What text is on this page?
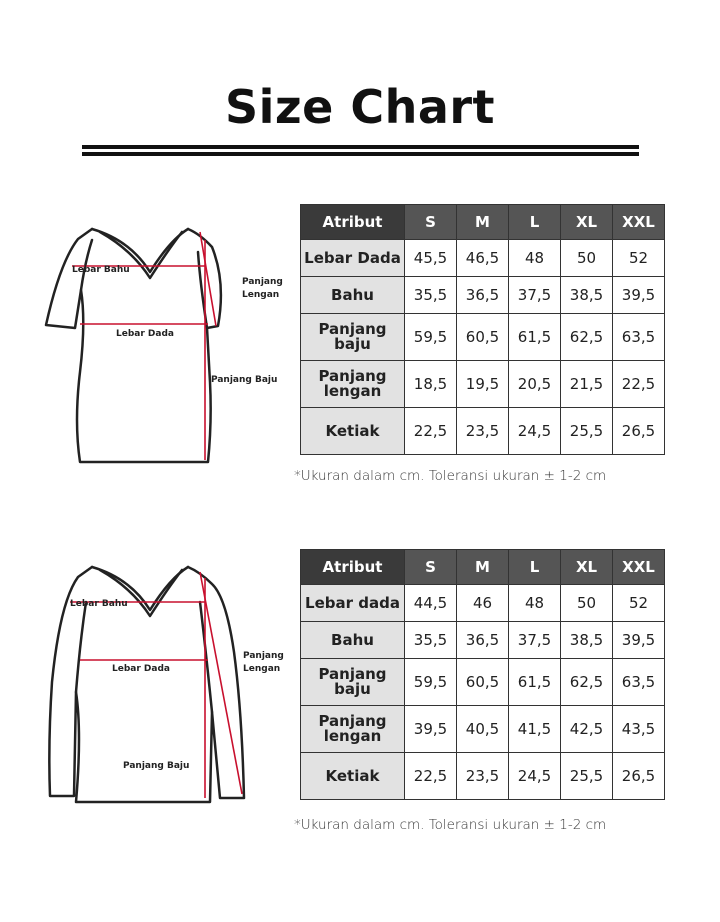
Size Chart
Lebar Bahu
Lebar Dada
Panjang
Lengan
Panjang Baju
Atribut	S	M	L	XL	XXL
Lebar Dada	45,5	46,5	48	50	52
Bahu	35,5	36,5	37,5	38,5	39,5
Panjang
baju	59,5	60,5	61,5	62,5	63,5
Panjang
lengan	18,5	19,5	20,5	21,5	22,5
Ketiak	22,5	23,5	24,5	25,5	26,5
*Ukuran dalam cm. Toleransi ukuran ± 1-2 cm
Lebar Bahu
Lebar Dada
Panjang
Lengan
Panjang Baju
Atribut	S	M	L	XL	XXL
Lebar dada	44,5	46	48	50	52
Bahu	35,5	36,5	37,5	38,5	39,5
Panjang
baju	59,5	60,5	61,5	62,5	63,5
Panjang
lengan	39,5	40,5	41,5	42,5	43,5
Ketiak	22,5	23,5	24,5	25,5	26,5
*Ukuran dalam cm. Toleransi ukuran ± 1-2 cm
